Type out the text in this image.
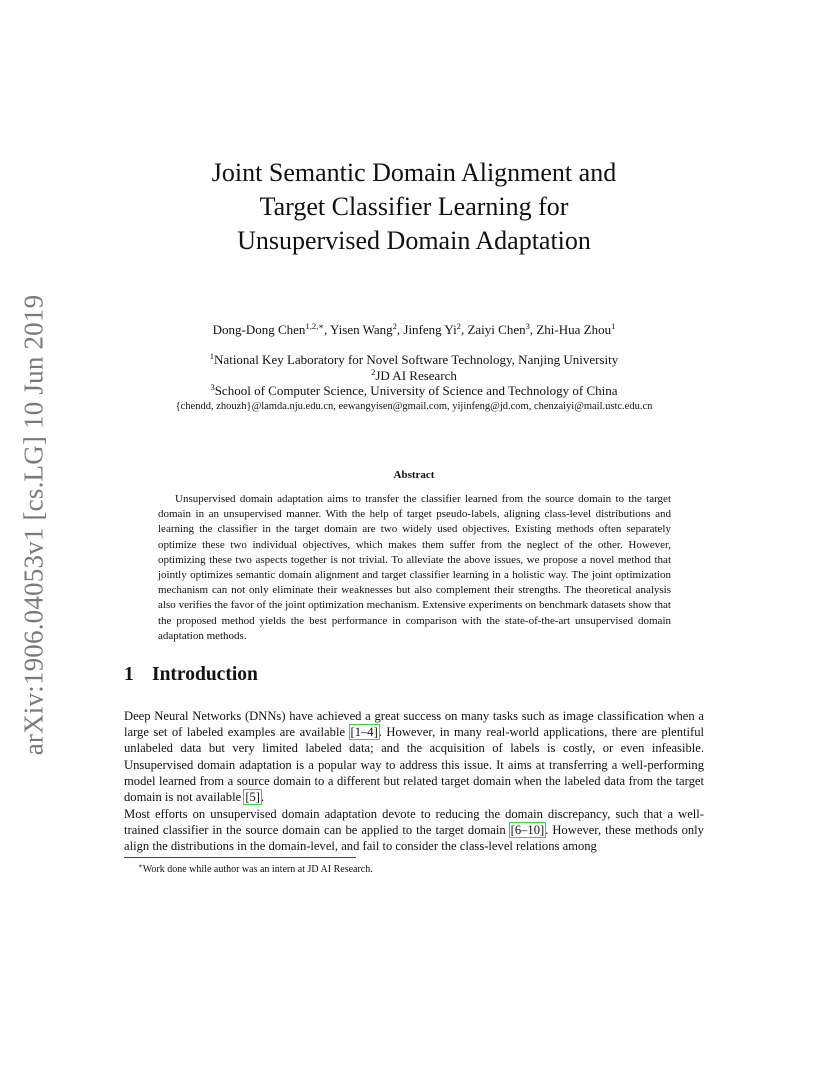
arXiv:1906.04053v1 [cs.LG] 10 Jun 2019
Joint Semantic Domain Alignment and
Target Classifier Learning for
Unsupervised Domain Adaptation
Dong-Dong Chen$^{1,2,∗}$, Yisen Wang$^2$, Jinfeng Yi$^2$, Zaiyi Chen$^3$, Zhi-Hua Zhou$^1$
$^1$National Key Laboratory for Novel Software Technology, Nanjing University
$^2$JD AI Research
$^3$School of Computer Science, University of Science and Technology of China
{chendd, zhouzh}@lamda.nju.edu.cn, eewangyisen@gmail.com, yijinfeng@jd.com, chenzaiyi@mail.ustc.edu.cn
Abstract
Unsupervised domain adaptation aims to transfer the classifier learned from the source domain to the target domain in an unsupervised manner. With the help of target pseudo-labels, aligning class-level distributions and learning the classifier in the target domain are two widely used objectives. Existing methods often separately optimize these two individual objectives, which makes them suffer from the neglect of the other. However, optimizing these two aspects together is not trivial. To alleviate the above issues, we propose a novel method that jointly optimizes semantic domain alignment and target classifier learning in a holistic way. The joint optimization mechanism can not only eliminate their weaknesses but also complement their strengths. The theoretical analysis also verifies the favor of the joint optimization mechanism. Extensive experiments on benchmark datasets show that the proposed method yields the best performance in comparison with the state-of-the-art unsupervised domain adaptation methods.
1 Introduction
Deep Neural Networks (DNNs) have achieved a great success on many tasks such as image classification when a large set of labeled examples are available [1–4]. However, in many real-world applications, there are plentiful unlabeled data but very limited labeled data; and the acquisition of labels is costly, or even infeasible. Unsupervised domain adaptation is a popular way to address this issue. It aims at transferring a well-performing model learned from a source domain to a different but related target domain when the labeled data from the target domain is not available [5].
Most efforts on unsupervised domain adaptation devote to reducing the domain discrepancy, such that a well-trained classifier in the source domain can be applied to the target domain [6–10]. However, these methods only align the distributions in the domain-level, and fail to consider the class-level relations among
∗Work done while author was an intern at JD AI Research.
